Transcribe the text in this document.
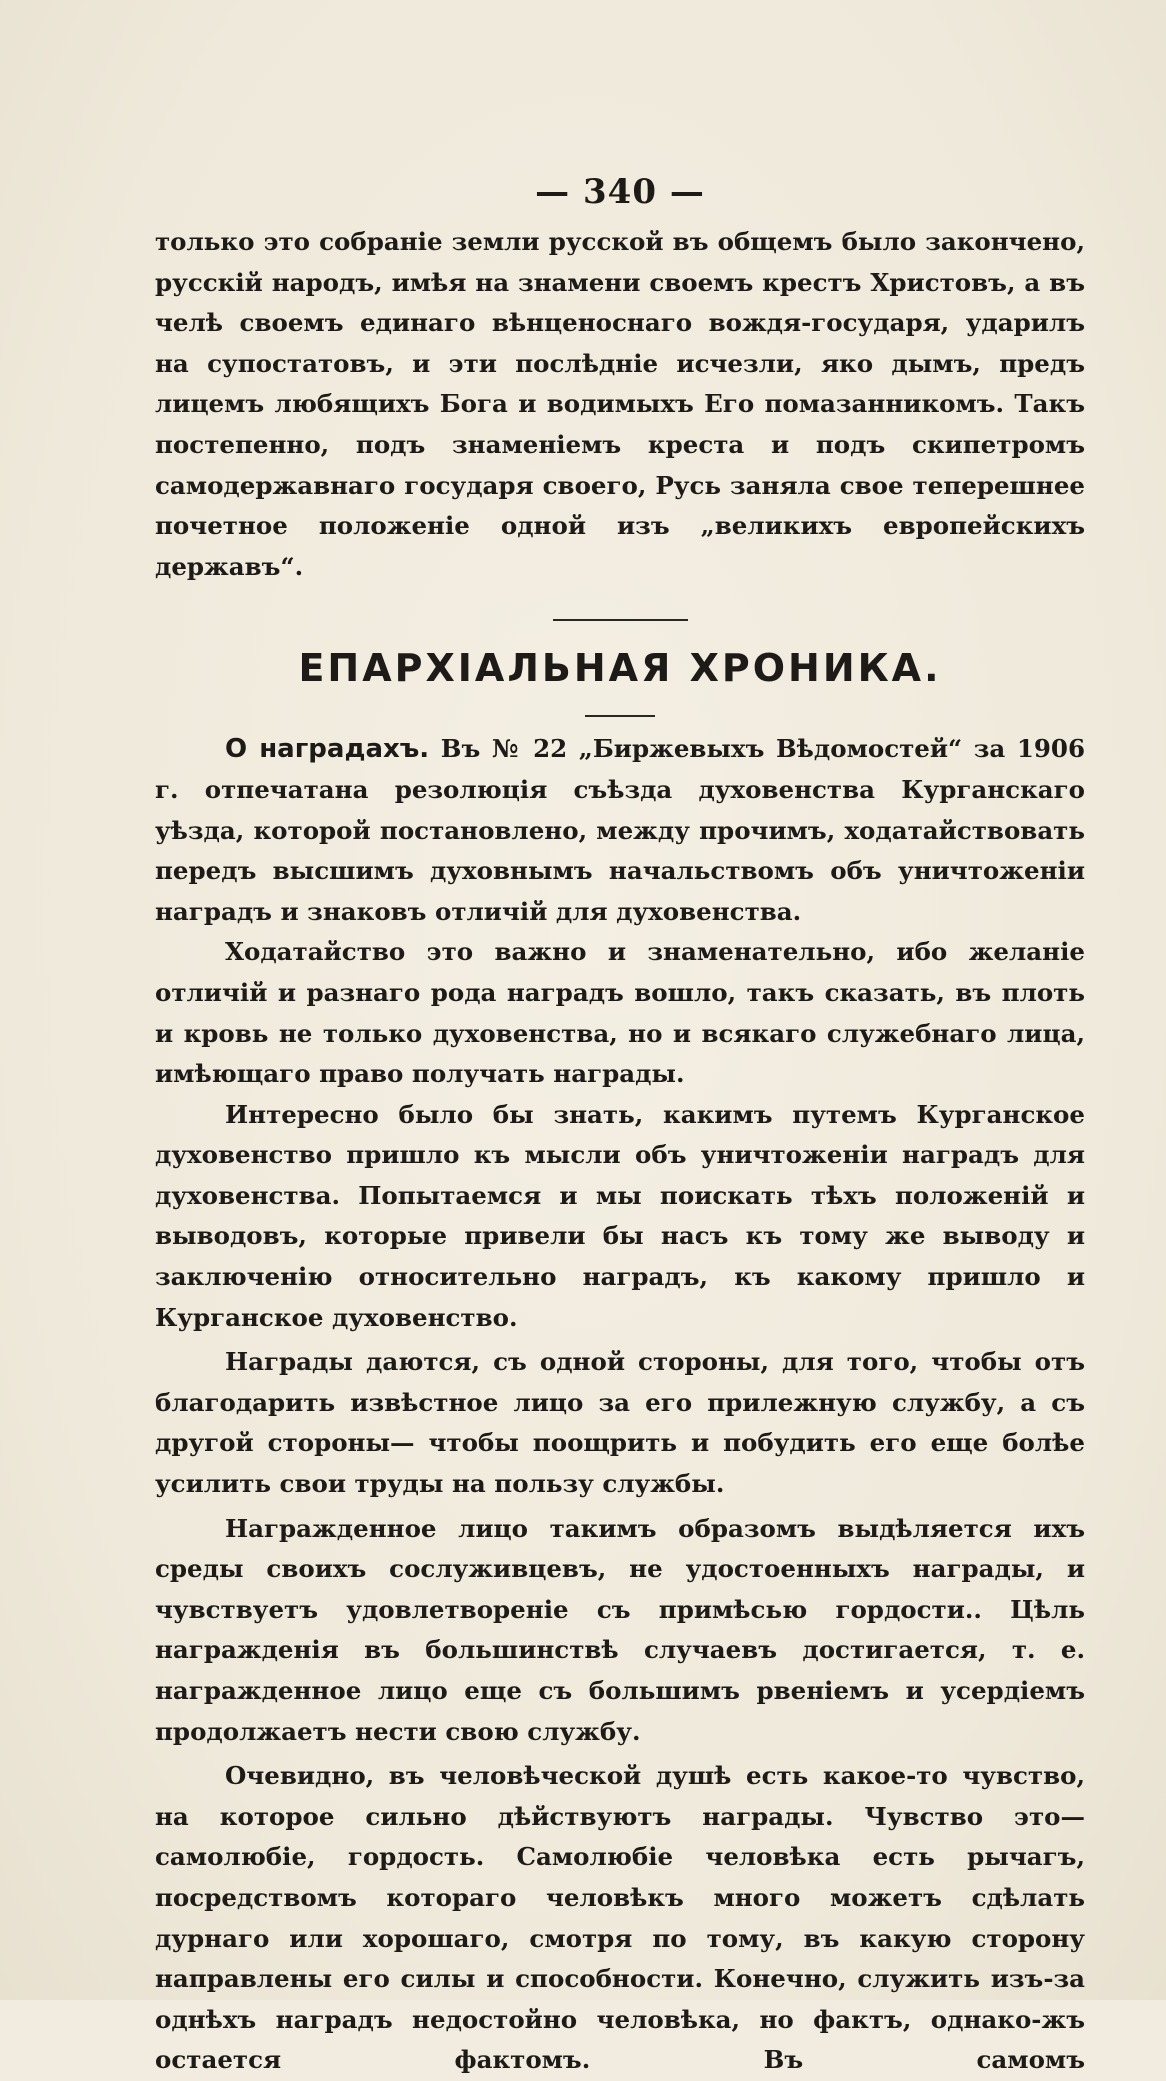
— 340 —

только это собраніе земли русской въ общемъ было закончено, русскій народъ, имѣя на знамени своемъ крестъ Христовъ, а въ челѣ своемъ единаго вѣнценоснаго вождя-государя, ударилъ на супостатовъ, и эти послѣдніе исчезли, яко дымъ, предъ лицемъ любящихъ Бога и водимыхъ Его помазанникомъ. Такъ постепенно, подъ знаменіемъ креста и подъ скипетромъ самодержавнаго государя своего, Русь заняла свое теперешнее почетное положеніе одной изъ „великихъ европейскихъ державъ“.

ЕПАРХІАЛЬНАЯ ХРОНИКА.

О наградахъ. Въ № 22 „Биржевыхъ Вѣдомостей“ за 1906 г. отпечатана резолюція съѣзда духовенства Курганскаго уѣзда, которой постановлено, между прочимъ, ходатайствовать передъ высшимъ духовнымъ начальствомъ объ уничтоженіи наградъ и знаковъ отличій для духовенства.

Ходатайство это важно и знаменательно, ибо желаніе отличій и разнаго рода наградъ вошло, такъ сказать, въ плоть и кровь не только духовенства, но и всякаго служебнаго лица, имѣющаго право получать награды.

Интересно было бы знать, какимъ путемъ Курганское духовенство пришло къ мысли объ уничтоженіи наградъ для духовенства. Попытаемся и мы поискать тѣхъ положеній и выводовъ, которые привели бы насъ къ тому же выводу и заключенію относительно наградъ, къ какому пришло и Курганское духовенство.

Награды даются, съ одной стороны, для того, чтобы отъ благодарить извѣстное лицо за его прилежную службу, а съ другой стороны— чтобы поощрить и побудить его еще болѣе усилить свои труды на пользу службы.

Награжденное лицо такимъ образомъ выдѣляется ихъ среды своихъ сослуживцевъ, не удостоенныхъ награды, и чувствуетъ удовлетвореніе съ примѣсью гордости.. Цѣль награжденія въ большинствѣ случаевъ достигается, т. е. награжденное лицо еще съ большимъ рвеніемъ и усердіемъ продолжаетъ нести свою службу.

Очевидно, въ человѣческой душѣ есть какое-то чувство, на которое сильно дѣйствуютъ награды. Чувство это—самолюбіе, гордость. Самолюбіе человѣка есть рычагъ, посредствомъ котораго человѣкъ много можетъ сдѣлать дурнаго или хорошаго, смотря по тому, въ какую сторону направлены его силы и способности. Конечно, служить изъ-за однѣхъ наградъ недостойно человѣка, но фактъ, однако-жъ остается фактомъ. Въ самомъ
